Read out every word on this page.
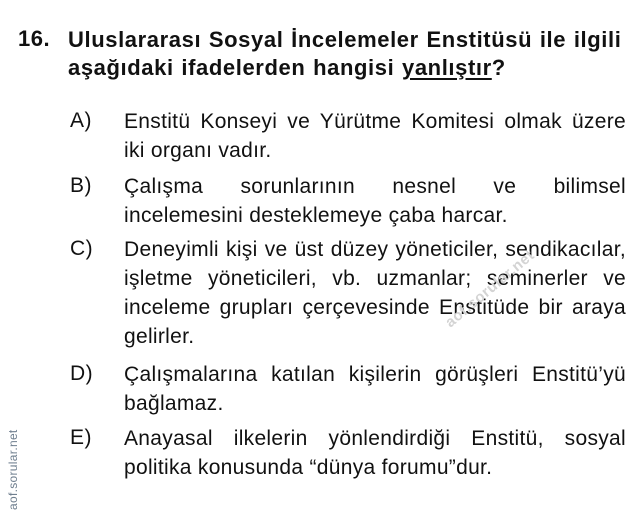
16. Uluslararası Sosyal İncelemeler Enstitüsü ile ilgili aşağıdaki ifadelerden hangisi yanlıştır?
A) Enstitü Konseyi ve Yürütme Komitesi olmak üzere iki organı vadır.
B) Çalışma sorunlarının nesnel ve bilimsel incelemesini desteklemeye çaba harcar.
C) Deneyimli kişi ve üst düzey yöneticiler, sendikacılar, işletme yöneticileri, vb. uzmanlar; seminerler ve inceleme grupları çerçevesinde Enstitüde bir araya gelirler.
D) Çalışmalarına katılan kişilerin görüşleri Enstitü’yü bağlamaz.
E) Anayasal ilkelerin yönlendirdiği Enstitü, sosyal politika konusunda “dünya forumu”dur.
aof.sorular.net
aof.sorular.net
